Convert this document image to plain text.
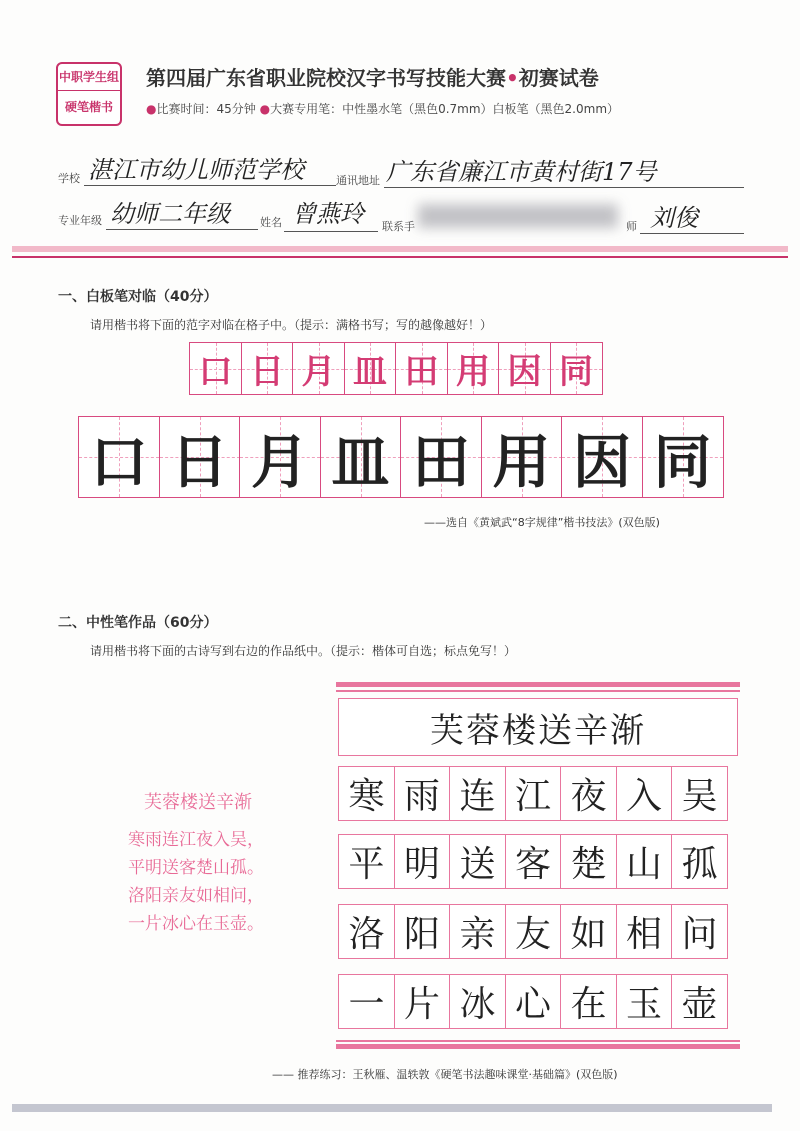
中职学生组
硬笔楷书
第四届广东省职业院校汉字书写技能大赛•初赛试卷
●比赛时间：45分钟 ●大赛专用笔：中性墨水笔（黑色0.7mm）白板笔（黑色2.0mm）
学校 湛江市幼儿师范学校	通讯地址 广东省廉江市黄村街17号
专业年级 幼师二年级	姓名 曾燕玲 联系手	师 刘俊
一、白板笔对临（40分）
请用楷书将下面的范字对临在格子中。（提示：满格书写；写的越像越好！）
口 日 月 皿 田 用 因 同
口 日 月 皿 田 用 因 同
——选自《黄斌武“8字规律”楷书技法》(双色版)
二、中性笔作品（60分）
请用楷书将下面的古诗写到右边的作品纸中。（提示：楷体可自选；标点免写！）
芙蓉楼送辛渐
寒雨连江夜入吴，
平明送客楚山孤。
洛阳亲友如相问，
一片冰心在玉壶。
芙蓉楼送辛渐
寒 雨 连 江 夜 入 吴
平 明 送 客 楚 山 孤
洛 阳 亲 友 如 相 问
一 片 冰 心 在 玉 壶
—— 推荐练习：王秋雁、温轶敦《硬笔书法趣味课堂·基础篇》(双色版)
